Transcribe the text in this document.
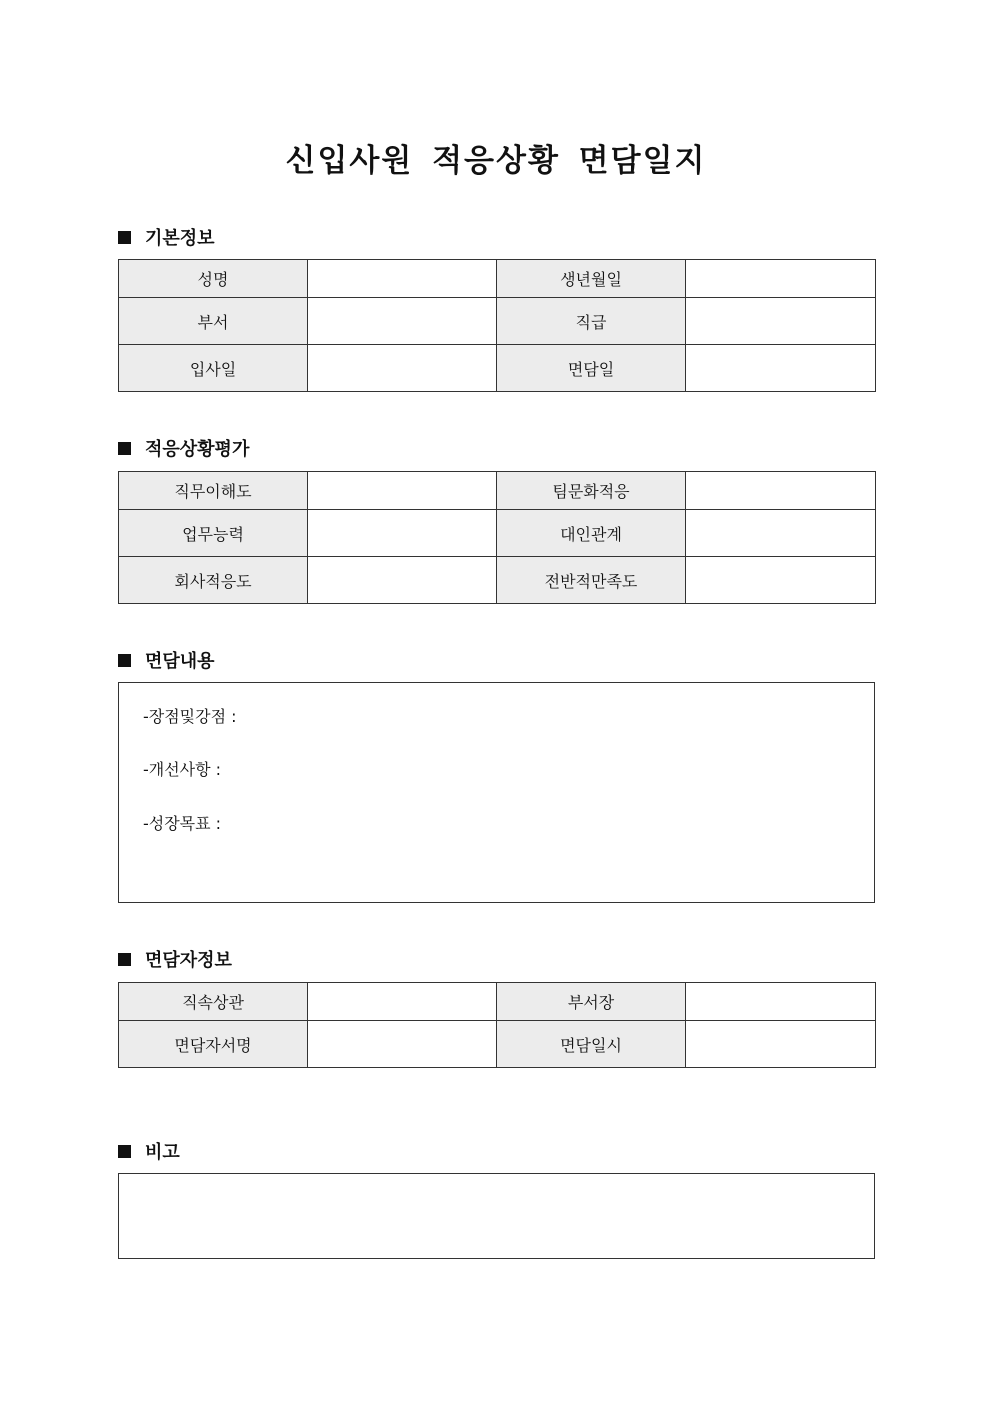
신입사원 적응상황 면담일지
기본정보
성명		생년월일	
부서		직급	
입사일		면담일	
적응상황평가
직무이해도		팀문화적응	
업무능력		대인관계	
회사적응도		전반적만족도	
면담내용
-장점및강점 :
-개선사항 :
-성장목표 :
면담자정보
직속상관		부서장	
면담자서명		면담일시	
비고
